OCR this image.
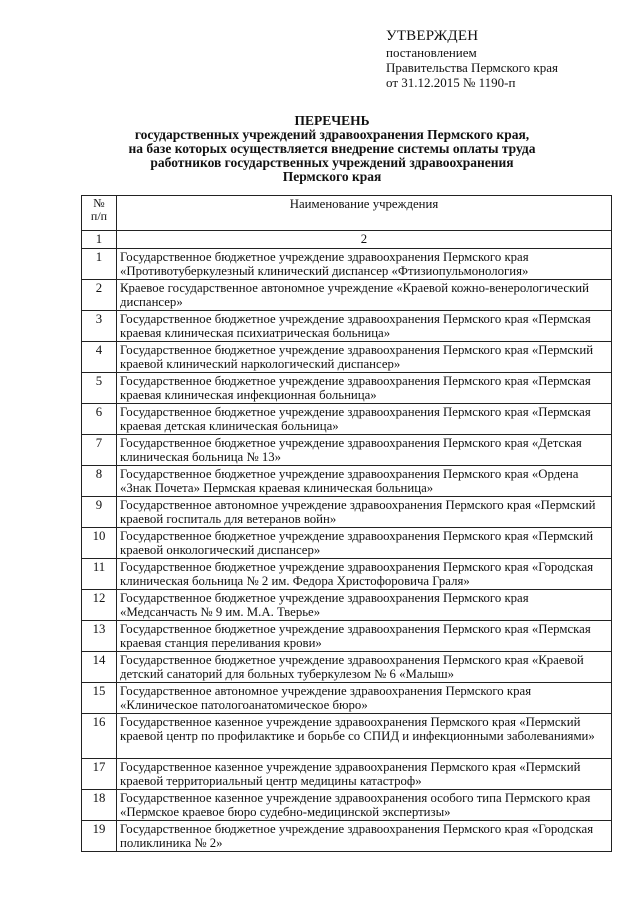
УТВЕРЖДЕН
постановлением
Правительства Пермского края
от 31.12.2015 № 1190-п
ПЕРЕЧЕНЬ
государственных учреждений здравоохранения Пермского края,
на базе которых осуществляется внедрение системы оплаты труда
работников государственных учреждений здравоохранения
Пермского края
№
п/п	Наименование учреждения
1	2
1	Государственное бюджетное учреждение здравоохранения Пермского края «Противотуберкулезный клинический диспансер «Фтизиопульмонология»
2	Краевое государственное автономное учреждение «Краевой кожно-венерологический диспансер»
3	Государственное бюджетное учреждение здравоохранения Пермского края «Пермская краевая клиническая психиатрическая больница»
4	Государственное бюджетное учреждение здравоохранения Пермского края «Пермский краевой клинический наркологический диспансер»
5	Государственное бюджетное учреждение здравоохранения Пермского края «Пермская краевая клиническая инфекционная больница»
6	Государственное бюджетное учреждение здравоохранения Пермского края «Пермская краевая детская клиническая больница»
7	Государственное бюджетное учреждение здравоохранения Пермского края «Детская клиническая больница № 13»
8	Государственное бюджетное учреждение здравоохранения Пермского края «Ордена «Знак Почета» Пермская краевая клиническая больница»
9	Государственное автономное учреждение здравоохранения Пермского края «Пермский краевой госпиталь для ветеранов войн»
10	Государственное бюджетное учреждение здравоохранения Пермского края «Пермский краевой онкологический диспансер»
11	Государственное бюджетное учреждение здравоохранения Пермского края «Городская клиническая больница № 2 им. Федора Христофоровича Граля»
12	Государственное бюджетное учреждение здравоохранения Пермского края «Медсанчасть № 9 им. М.А. Тверье»
13	Государственное бюджетное учреждение здравоохранения Пермского края «Пермская краевая станция переливания крови»
14	Государственное бюджетное учреждение здравоохранения Пермского края «Краевой детский санаторий для больных туберкулезом № 6 «Малыш»
15	Государственное автономное учреждение здравоохранения Пермского края «Клиническое патологоанатомическое бюро»
16	Государственное казенное учреждение здравоохранения Пермского края «Пермский краевой центр по профилактике и борьбе со СПИД и инфекционными заболеваниями»
17	Государственное казенное учреждение здравоохранения Пермского края «Пермский краевой территориальный центр медицины катастроф»
18	Государственное казенное учреждение здравоохранения особого типа Пермского края «Пермское краевое бюро судебно-медицинской экспертизы»
19	Государственное бюджетное учреждение здравоохранения Пермского края «Городская поликлиника № 2»
